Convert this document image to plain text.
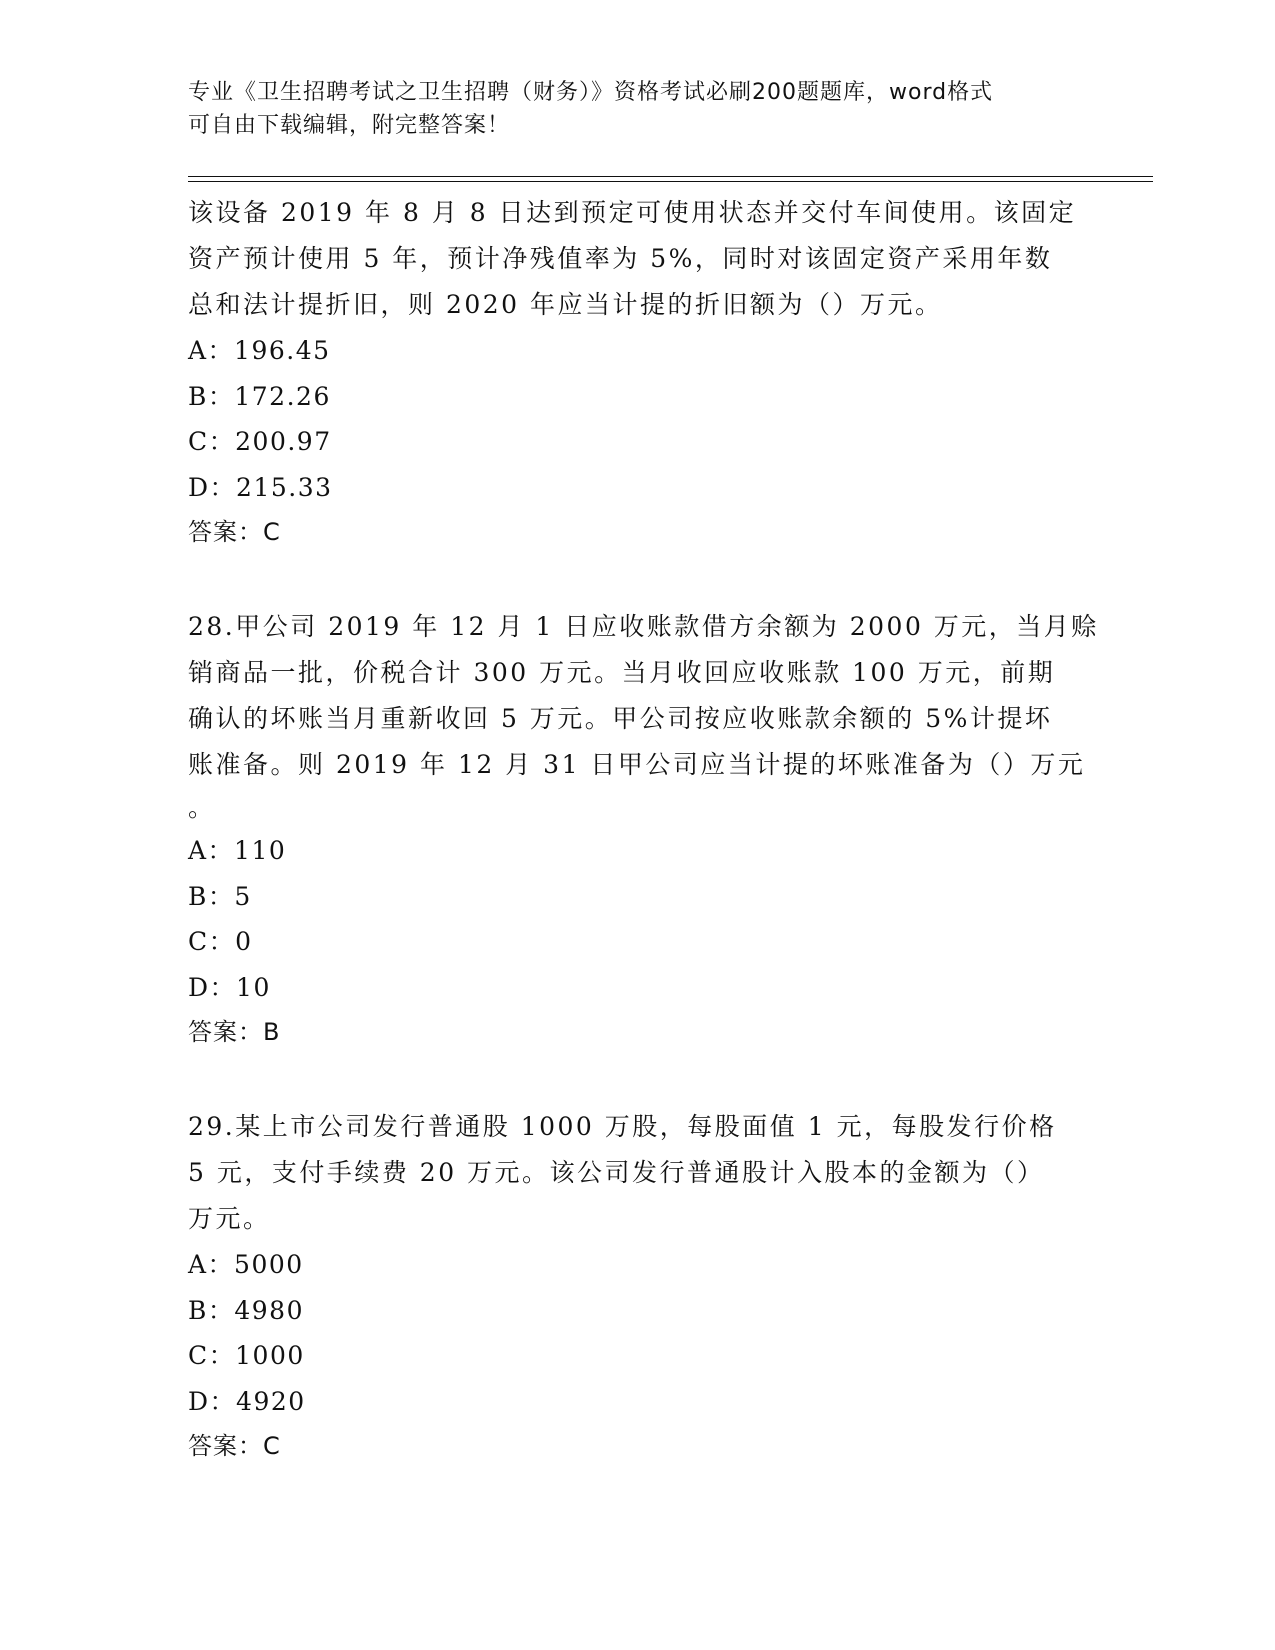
专业《卫生招聘考试之卫生招聘（财务）》资格考试必刷200题题库，word格式
可自由下载编辑，附完整答案！
该设备 2019 年 8 月 8 日达到预定可使用状态并交付车间使用。该固定
资产预计使用 5 年，预计净残值率为 5%，同时对该固定资产采用年数
总和法计提折旧，则 2020 年应当计提的折旧额为（）万元。
A：196.45
B：172.26
C：200.97
D：215.33
答案：C
28.甲公司 2019 年 12 月 1 日应收账款借方余额为 2000 万元，当月赊
销商品一批，价税合计 300 万元。当月收回应收账款 100 万元，前期
确认的坏账当月重新收回 5 万元。甲公司按应收账款余额的 5%计提坏
账准备。则 2019 年 12 月 31 日甲公司应当计提的坏账准备为（）万元
。
A：110
B：5
C：0
D：10
答案：B
29.某上市公司发行普通股 1000 万股，每股面值 1 元，每股发行价格
5 元，支付手续费 20 万元。该公司发行普通股计入股本的金额为（）
万元。
A：5000
B：4980
C：1000
D：4920
答案：C
